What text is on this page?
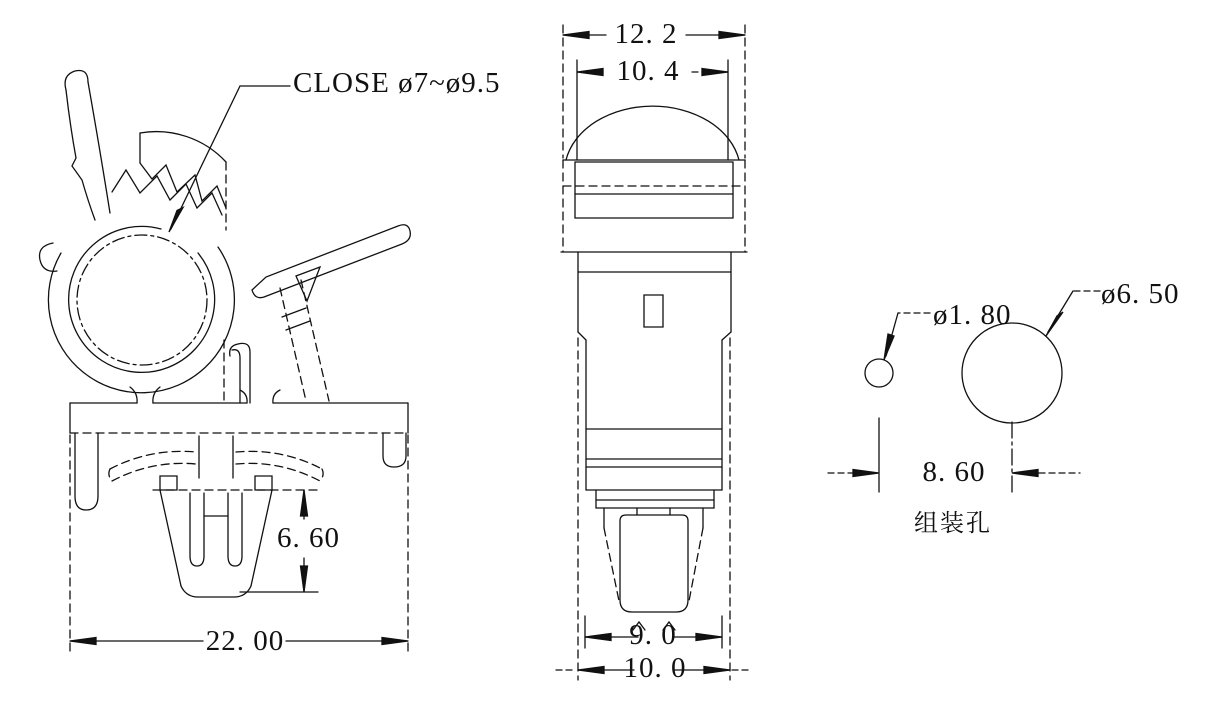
CLOSE ø7~ø9.5
12. 2
10. 4
9. 0
10. 0
6. 60
22. 00
ø1. 80
ø6. 50
8. 60
组装孔
